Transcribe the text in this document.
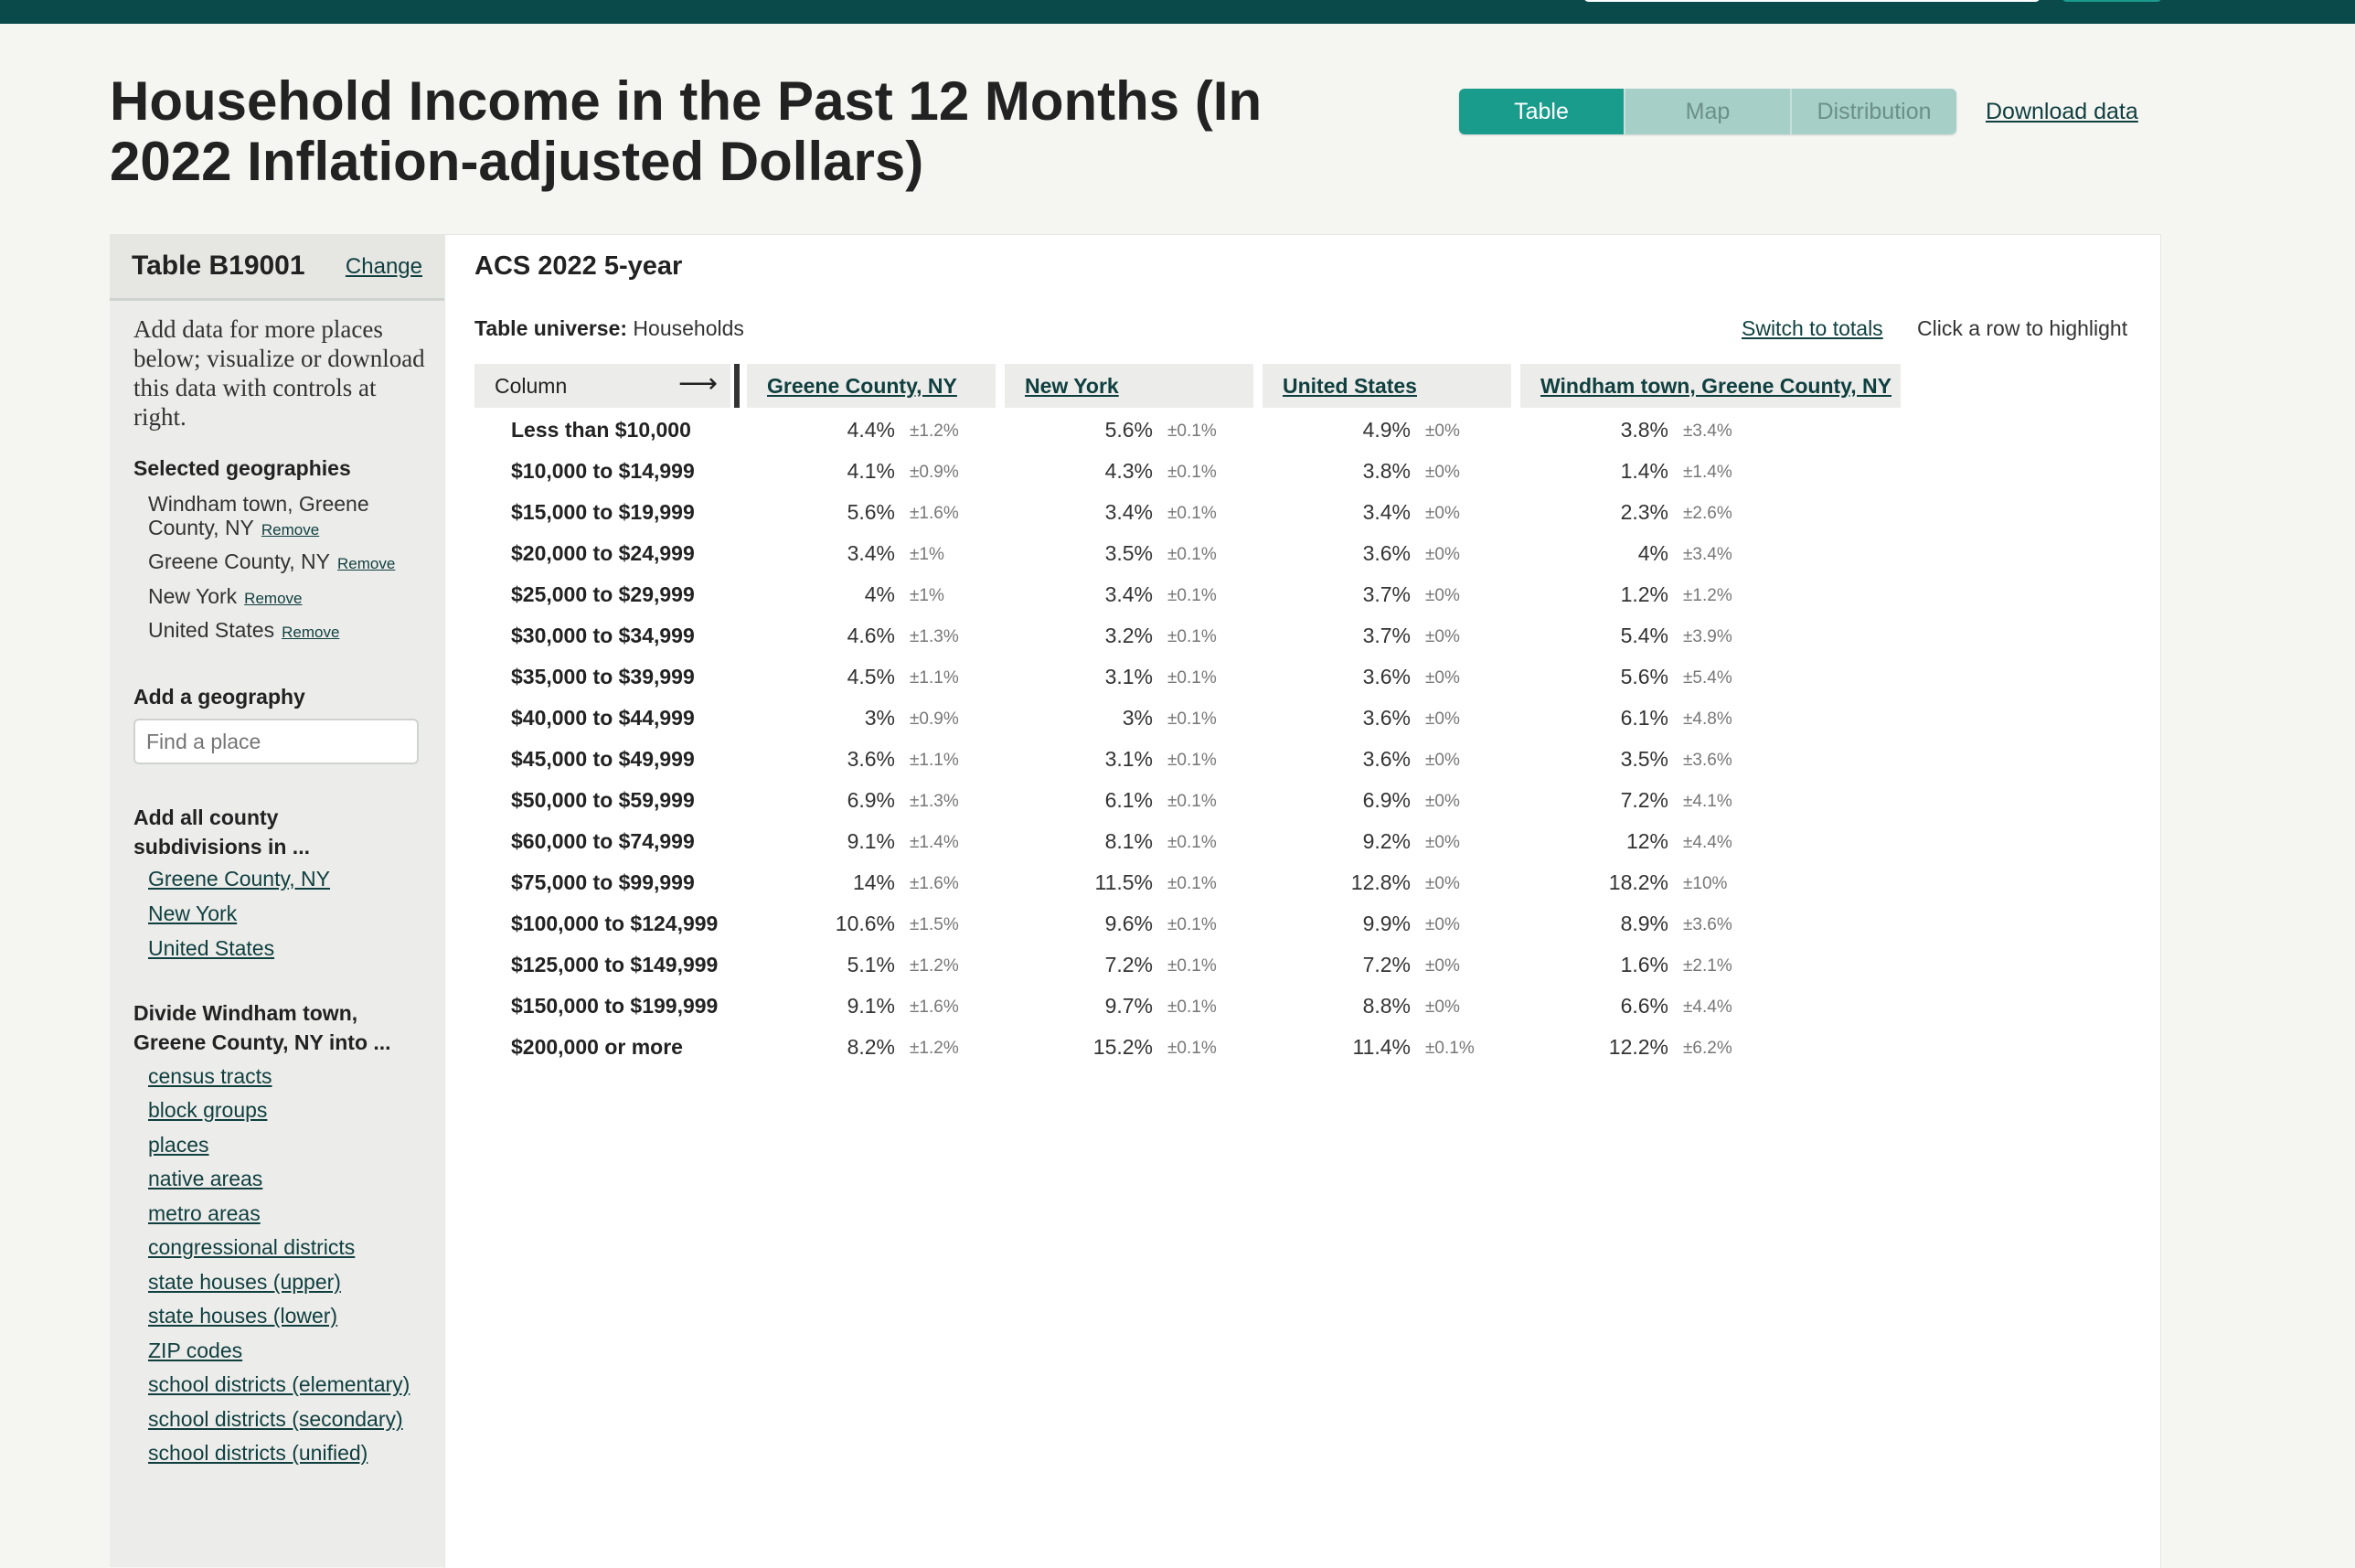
Household Income in the Past 12 Months (In 2022 Inflation-adjusted Dollars)
Table	Map	Distribution	Download data
Table B19001 Change
Add data for more places below; visualize or download this data with controls at right.
Selected geographies
Windham town, Greene County, NY Remove
Greene County, NY Remove
New York Remove
United States Remove
Add a geography
Find a place
Add all county subdivisions in ...
Greene County, NY
New York
United States
Divide Windham town, Greene County, NY into ...
census tracts
block groups
places
native areas
metro areas
congressional districts
state houses (upper)
state houses (lower)
ZIP codes
school districts (elementary)
school districts (secondary)
school districts (unified)
ACS 2022 5-year
Table universe: Households	Switch to totals Click a row to highlight
Column	⟶ Greene County, NY	New York	United States	Windham town, Greene County, NY
Less than $10,000	4.4% ±1.2%	5.6% ±0.1%	4.9% ±0%	3.8% ±3.4%
$10,000 to $14,999	4.1% ±0.9%	4.3% ±0.1%	3.8% ±0%	1.4% ±1.4%
$15,000 to $19,999	5.6% ±1.6%	3.4% ±0.1%	3.4% ±0%	2.3% ±2.6%
$20,000 to $24,999	3.4% ±1%	3.5% ±0.1%	3.6% ±0%	4% ±3.4%
$25,000 to $29,999	4% ±1%	3.4% ±0.1%	3.7% ±0%	1.2% ±1.2%
$30,000 to $34,999	4.6% ±1.3%	3.2% ±0.1%	3.7% ±0%	5.4% ±3.9%
$35,000 to $39,999	4.5% ±1.1%	3.1% ±0.1%	3.6% ±0%	5.6% ±5.4%
$40,000 to $44,999	3% ±0.9%	3% ±0.1%	3.6% ±0%	6.1% ±4.8%
$45,000 to $49,999	3.6% ±1.1%	3.1% ±0.1%	3.6% ±0%	3.5% ±3.6%
$50,000 to $59,999	6.9% ±1.3%	6.1% ±0.1%	6.9% ±0%	7.2% ±4.1%
$60,000 to $74,999	9.1% ±1.4%	8.1% ±0.1%	9.2% ±0%	12% ±4.4%
$75,000 to $99,999	14% ±1.6%	11.5% ±0.1%	12.8% ±0%	18.2% ±10%
$100,000 to $124,999	10.6% ±1.5%	9.6% ±0.1%	9.9% ±0%	8.9% ±3.6%
$125,000 to $149,999	5.1% ±1.2%	7.2% ±0.1%	7.2% ±0%	1.6% ±2.1%
$150,000 to $199,999	9.1% ±1.6%	9.7% ±0.1%	8.8% ±0%	6.6% ±4.4%
$200,000 or more	8.2% ±1.2%	15.2% ±0.1%	11.4% ±0.1%	12.2% ±6.2%
